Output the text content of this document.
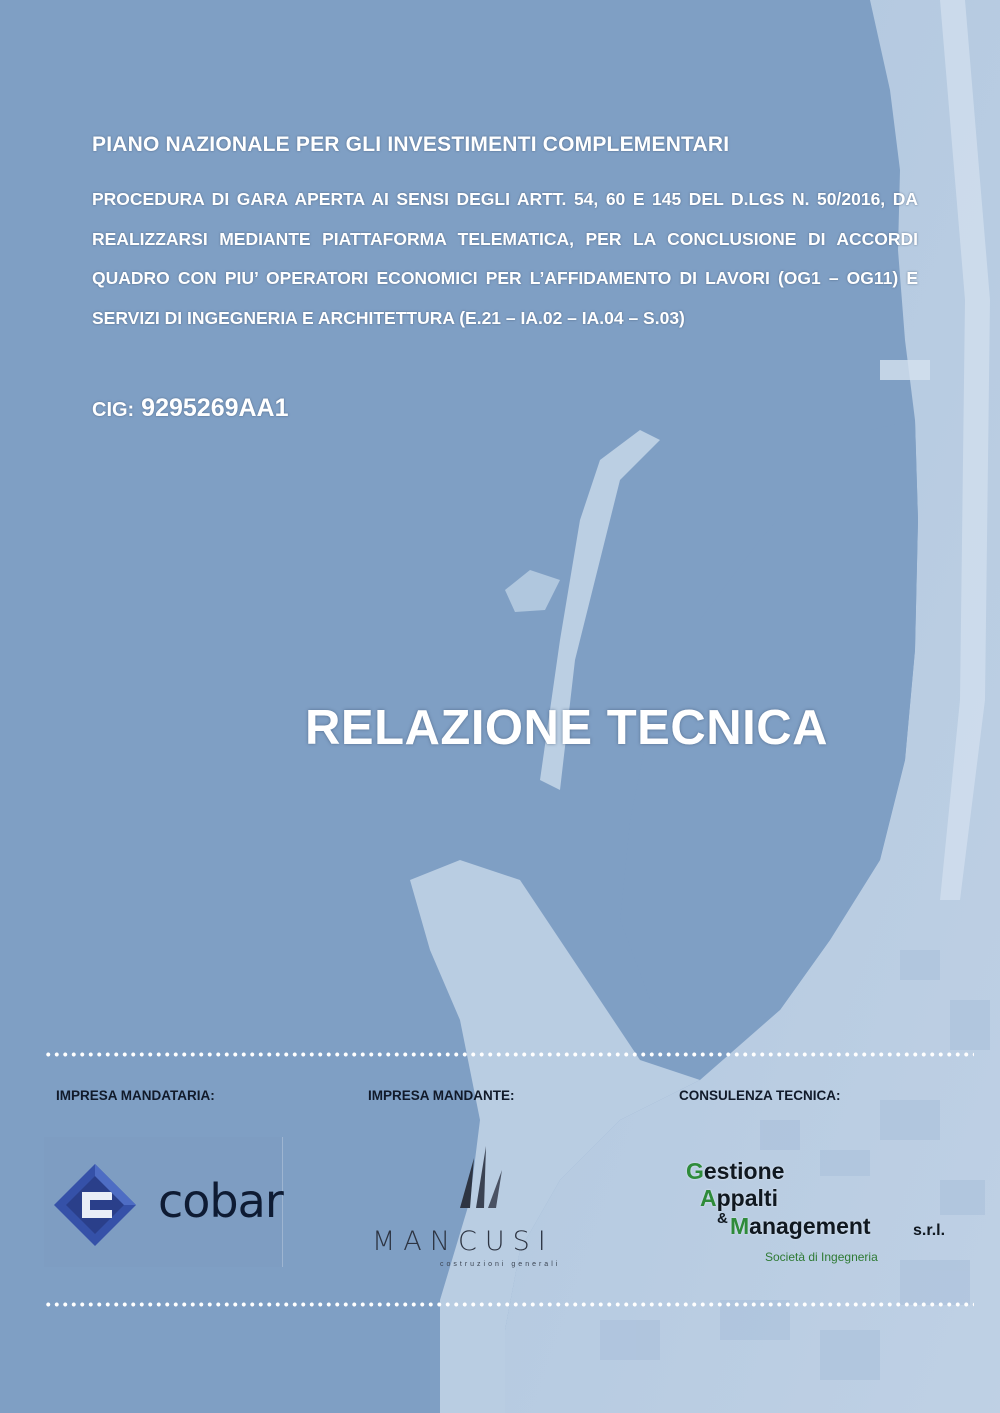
PIANO NAZIONALE PER GLI INVESTIMENTI COMPLEMENTARI
PROCEDURA DI GARA APERTA AI SENSI DEGLI ARTT. 54, 60 E 145 DEL D.LGS N. 50/2016, DA REALIZZARSI MEDIANTE PIATTAFORMA TELEMATICA, PER LA CONCLUSIONE DI ACCORDI QUADRO CON PIU’ OPERATORI ECONOMICI PER L’AFFIDAMENTO DI LAVORI (OG1 – OG11) E SERVIZI DI INGEGNERIA E ARCHITETTURA (E.21 – IA.02 – IA.04 – S.03)
CIG: 9295269AA1
RELAZIONE TECNICA
IMPRESA MANDATARIA:	IMPRESA MANDANTE:	CONSULENZA TECNICA:
cobar
MANCUSI
costruzioni generali
Gestione
Appalti
& Management	s.r.l.
Società di Ingegneria
